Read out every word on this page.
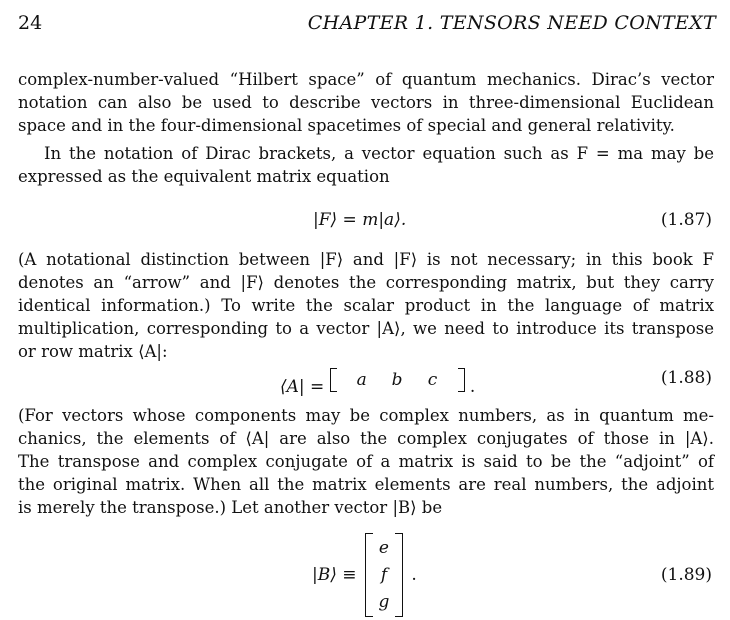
24	CHAPTER 1. TENSORS NEED CONTEXT

complex-number-valued “Hilbert space” of quantum mechanics. Dirac’s vector

notation can also be used to describe vectors in three-dimensional Euclidean

space and in the four-dimensional spacetimes of special and general relativity.

In the notation of Dirac brackets, a vector equation such as F = ma may be

expressed as the equivalent matrix equation

|F⟩ = m|a⟩.	(1.87)

(A notational distinction between |F⟩ and |F⟩ is not necessary; in this book F

denotes an “arrow” and |F⟩ denotes the corresponding matrix, but they carry

identical information.) To write the scalar product in the language of matrix

multiplication, corresponding to a vector |A⟩, we need to introduce its transpose

or row matrix ⟨A|:

⟨A| =	a b c	.	(1.88)

(For vectors whose components may be complex numbers, as in quantum me-

chanics, the elements of ⟨A| are also the complex conjugates of those in |A⟩.

The transpose and complex conjugate of a matrix is said to be the “adjoint” of

the original matrix. When all the matrix elements are real numbers, the adjoint

is merely the transpose.) Let another vector |B⟩ be

|B⟩ ≡
e
f
g
.	(1.89)
